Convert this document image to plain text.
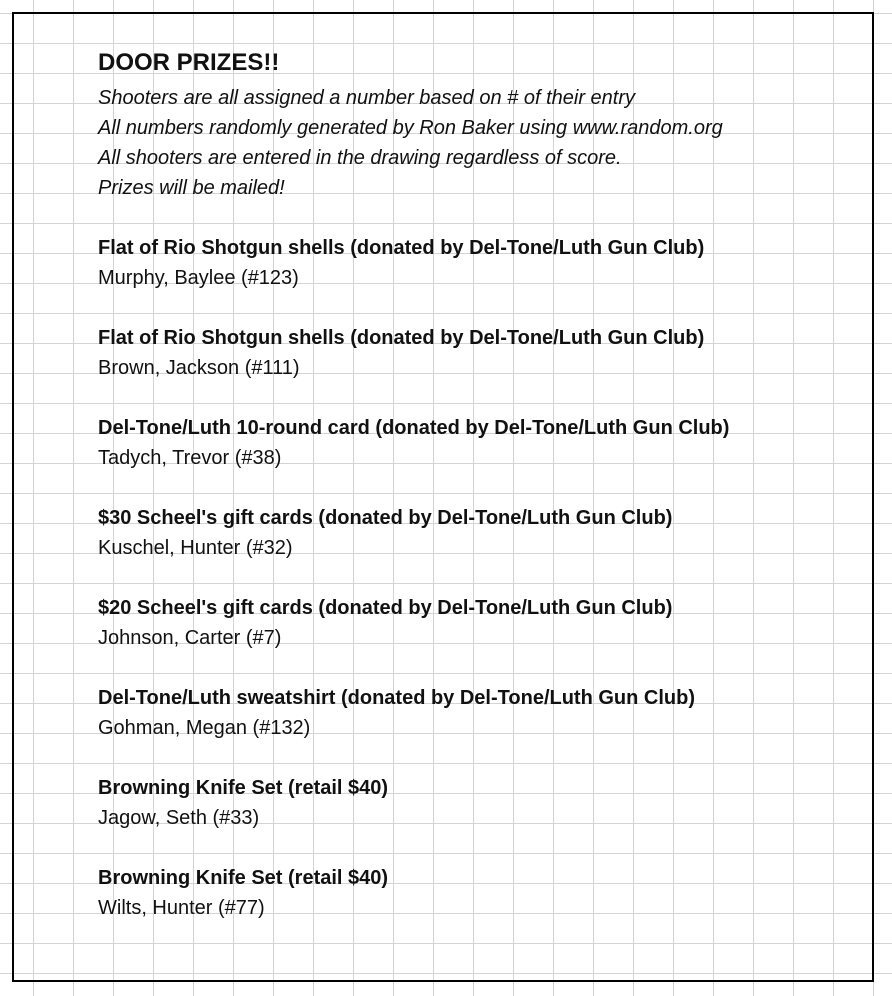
DOOR PRIZES!!
Shooters are all assigned a number based on # of their entry
All numbers randomly generated by Ron Baker using www.random.org
All shooters are entered in the drawing regardless of score.
Prizes will be mailed!
Flat of Rio Shotgun shells (donated by Del-Tone/Luth Gun Club)
Murphy, Baylee (#123)
Flat of Rio Shotgun shells (donated by Del-Tone/Luth Gun Club)
Brown, Jackson (#111)
Del-Tone/Luth 10-round card (donated by Del-Tone/Luth Gun Club)
Tadych, Trevor (#38)
$30 Scheel's gift cards (donated by Del-Tone/Luth Gun Club)
Kuschel, Hunter (#32)
$20 Scheel's gift cards (donated by Del-Tone/Luth Gun Club)
Johnson, Carter (#7)
Del-Tone/Luth sweatshirt (donated by Del-Tone/Luth Gun Club)
Gohman, Megan (#132)
Browning Knife Set (retail $40)
Jagow, Seth (#33)
Browning Knife Set (retail $40)
Wilts, Hunter (#77)
